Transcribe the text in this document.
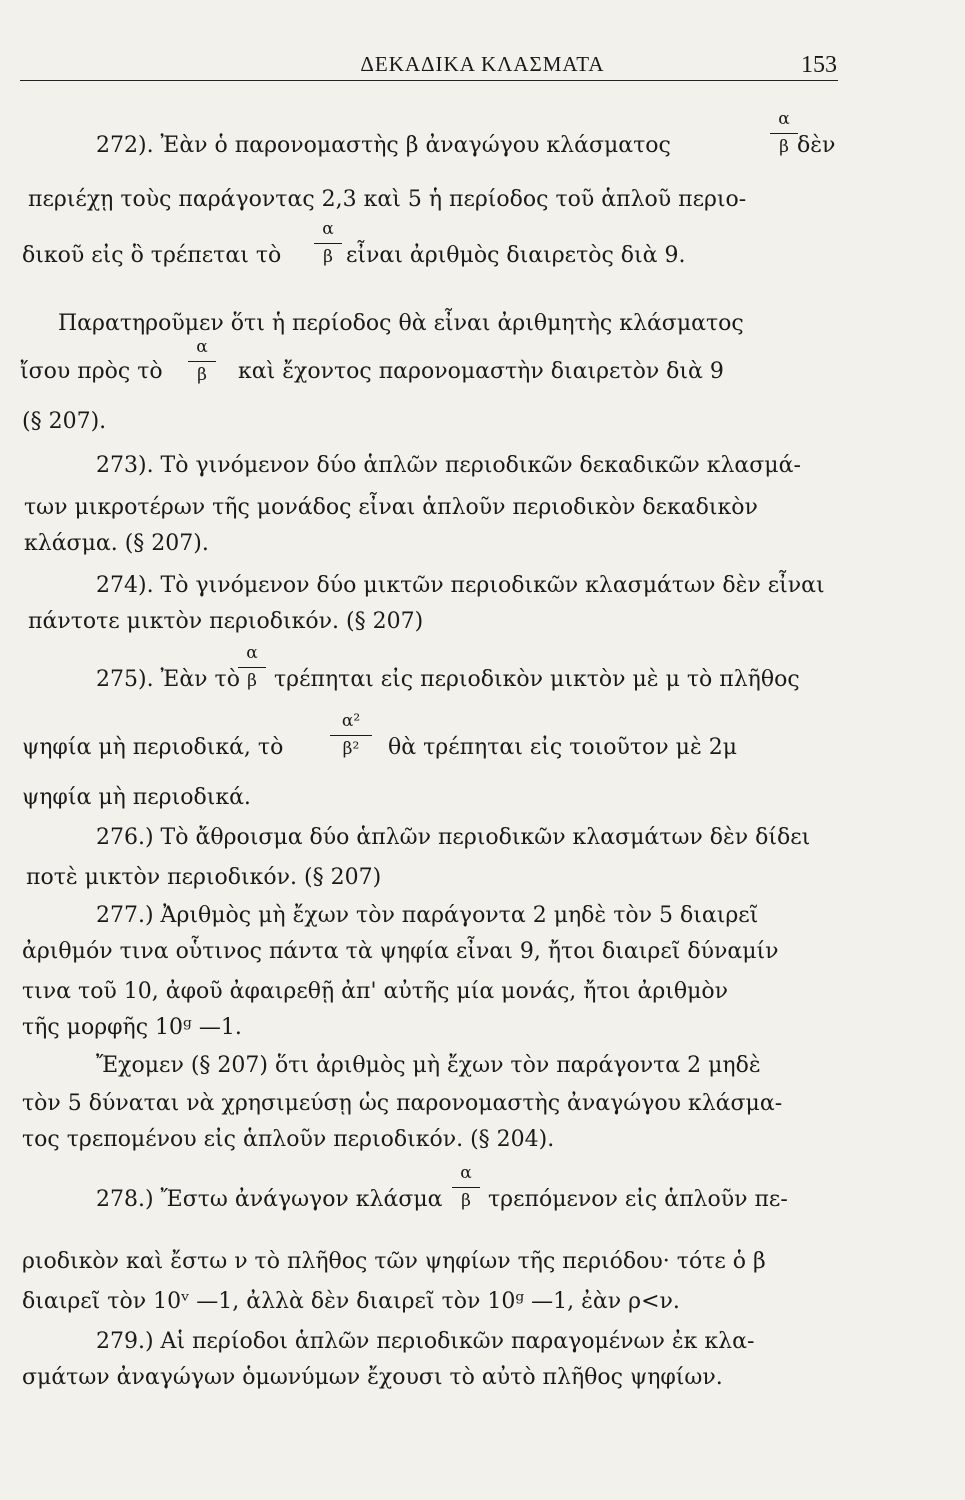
ΔΕΚΑΔΙΚΑ ΚΛΑΣΜΑΤΑ	153
272). Ἐὰν ὁ παρονομαστὴς β ἀναγώγου κλάσματος	δὲν
α
β
περιέχῃ τοὺς παράγοντας 2,3 καὶ 5 ἡ περίοδος τοῦ ἁπλοῦ περιο-
δικοῦ εἰς ὃ τρέπεται τὸ	εἶναι ἀριθμὸς διαιρετὸς διὰ 9.
α
β
Παρατηροῦμεν ὅτι ἡ περίοδος θὰ εἶναι ἀριθμητὴς κλάσματος
ἴσου πρὸς τὸ	καὶ ἔχοντος παρονομαστὴν διαιρετὸν διὰ 9
α
β
(§ 207).
273). Τὸ γινόμενον δύο ἁπλῶν περιοδικῶν δεκαδικῶν κλασμά-
των μικροτέρων τῆς μονάδος εἶναι ἁπλοῦν περιοδικὸν δεκαδικὸν
κλάσμα. (§ 207).
274). Τὸ γινόμενον δύο μικτῶν περιοδικῶν κλασμάτων δὲν εἶναι
πάντοτε μικτὸν περιοδικόν. (§ 207)
275). Ἐὰν τὸ τρέπηται εἰς περιοδικὸν μικτὸν μὲ μ τὸ πλῆθος
α
β
ψηφία μὴ περιοδικά, τὸ	θὰ τρέπηται εἰς τοιοῦτον μὲ 2μ
α²
β²
ψηφία μὴ περιοδικά.
276.) Τὸ ἄθροισμα δύο ἁπλῶν περιοδικῶν κλασμάτων δὲν δίδει
ποτὲ μικτὸν περιοδικόν. (§ 207)
277.) Ἀριθμὸς μὴ ἔχων τὸν παράγοντα 2 μηδὲ τὸν 5 διαιρεῖ
ἀριθμόν τινα οὗτινος πάντα τὰ ψηφία εἶναι 9, ἤτοι διαιρεῖ δύναμίν
τινα τοῦ 10, ἀφοῦ ἀφαιρεθῇ ἀπ' αὐτῆς μία μονάς, ἤτοι ἀριθμὸν
τῆς μορφῆς 10ᵍ —1.
Ἔχομεν (§ 207) ὅτι ἀριθμὸς μὴ ἔχων τὸν παράγοντα 2 μηδὲ
τὸν 5 δύναται νὰ χρησιμεύσῃ ὡς παρονομαστὴς ἀναγώγου κλάσμα-
τος τρεπομένου εἰς ἁπλοῦν περιοδικόν. (§ 204).
278.) Ἔστω ἀνάγωγον κλάσμα τρεπόμενον εἰς ἁπλοῦν πε-
α
β
ριοδικὸν καὶ ἔστω ν τὸ πλῆθος τῶν ψηφίων τῆς περιόδου· τότε ὁ β
διαιρεῖ τὸν 10ᵛ —1, ἀλλὰ δὲν διαιρεῖ τὸν 10ᵍ —1, ἐὰν ρ<ν.
279.) Αἱ περίοδοι ἁπλῶν περιοδικῶν παραγομένων ἐκ κλα-
σμάτων ἀναγώγων ὁμωνύμων ἔχουσι τὸ αὐτὸ πλῆθος ψηφίων.
